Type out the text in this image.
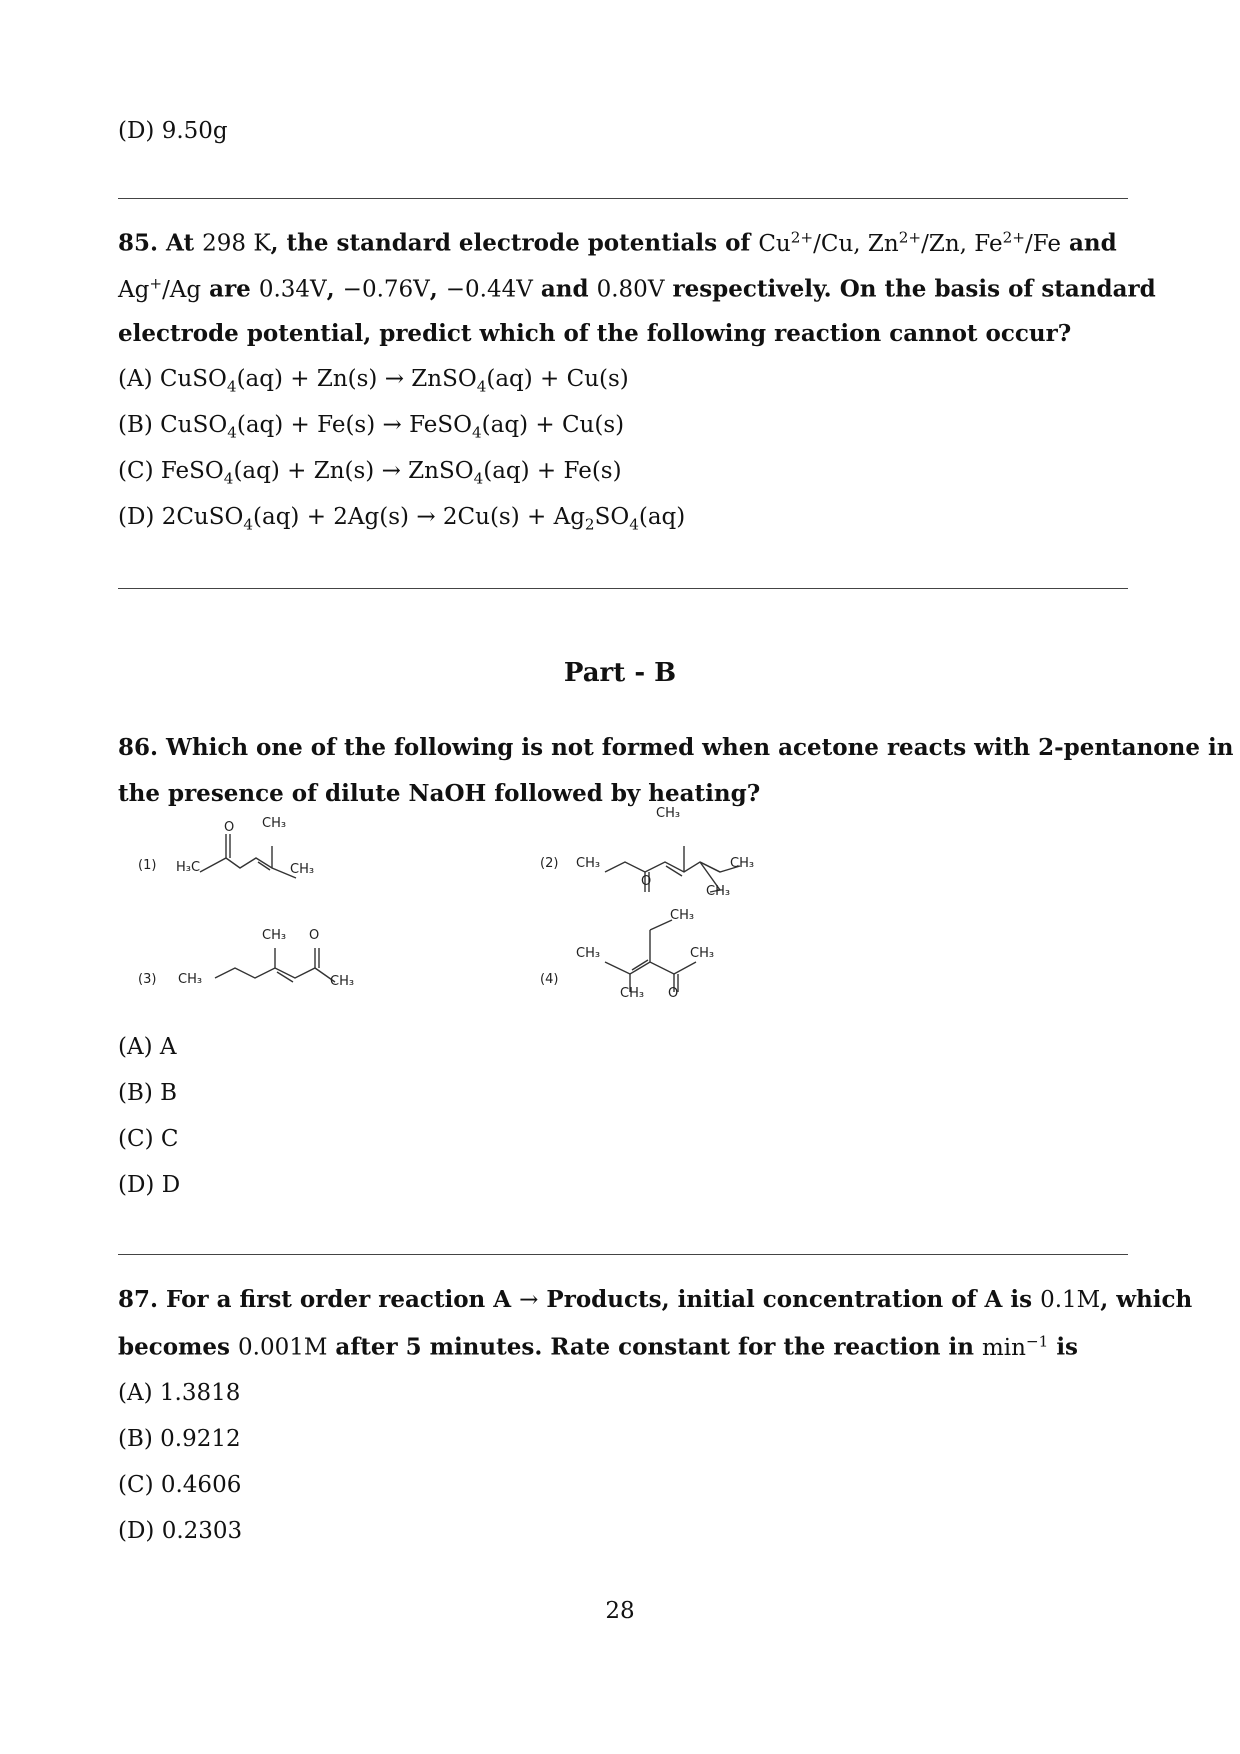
(D) 9.50g
85. At 298 K, the standard electrode potentials of $Cu^{2+}/Cu$, $Zn^{2+}/Zn$, $Fe^{2+}/Fe$ and
Ag+/Ag are 0.34V, −0.76V, −0.44V and 0.80V respectively. On the basis of standard
electrode potential, predict which of the following reaction cannot occur?
(A) CuSO$_4$(aq) + Zn(s) → ZnSO$_4$(aq) + Cu(s)
(B) CuSO$_4$(aq) + Fe(s) → FeSO$_4$(aq) + Cu(s)
(C) FeSO$_4$(aq) + Zn(s) → ZnSO$_4$(aq) + Fe(s)
(D) 2CuSO$_4$(aq) + $2Ag(s) \to 2Cu(s) + Ag_2SO_4(aq)$
Part - B
86. Which one of the following is not formed when acetone reacts with 2-pentanone in
the presence of dilute NaOH followed by heating?
(1) H₃C
O CH₃
CH₃	(2) CH₃
O
CH₃
CH₃
CH₃
(3) CH₃
CH₃ O
CH₃	(4)
CH₃
CH₃
CH₃
CH₃ O
(A) A
(B) B
(C) C
(D) D
87. For a first order reaction A → Products, initial concentration of A is 0.1M, which
becomes 0.001M after 5 minutes. Rate constant for the reaction in $\min^{-1}$ is
(A) 1.3818
(B) 0.9212
(C) 0.4606
(D) 0.2303
28
